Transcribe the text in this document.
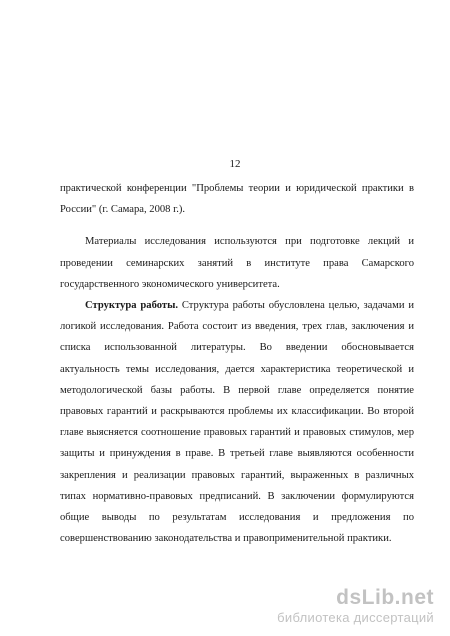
12
практической конференции "Проблемы теории и юридической практики в
России" (г. Самара, 2008 г.).
Материалы исследования используются при подготовке лекций и
проведении семинарских занятий в институте права Самарского
государственного экономического университета.
Структура работы. Структура работы обусловлена целью, задачами и
логикой исследования. Работа состоит из введения, трех глав, заключения и
списка использованной литературы. Во введении обосновывается
актуальность темы исследования, дается характеристика теоретической и
методологической базы работы. В первой главе определяется понятие
правовых гарантий и раскрываются проблемы их классификации. Во второй
главе выясняется соотношение правовых гарантий и правовых стимулов, мер
защиты и принуждения в праве. В третьей главе выявляются особенности
закрепления и реализации правовых гарантий, выраженных в различных
типах нормативно-правовых предписаний. В заключении формулируются
общие выводы по результатам исследования и предложения по
совершенствованию законодательства и правоприменительной практики.
dsLib.net
библиотека диссертаций
